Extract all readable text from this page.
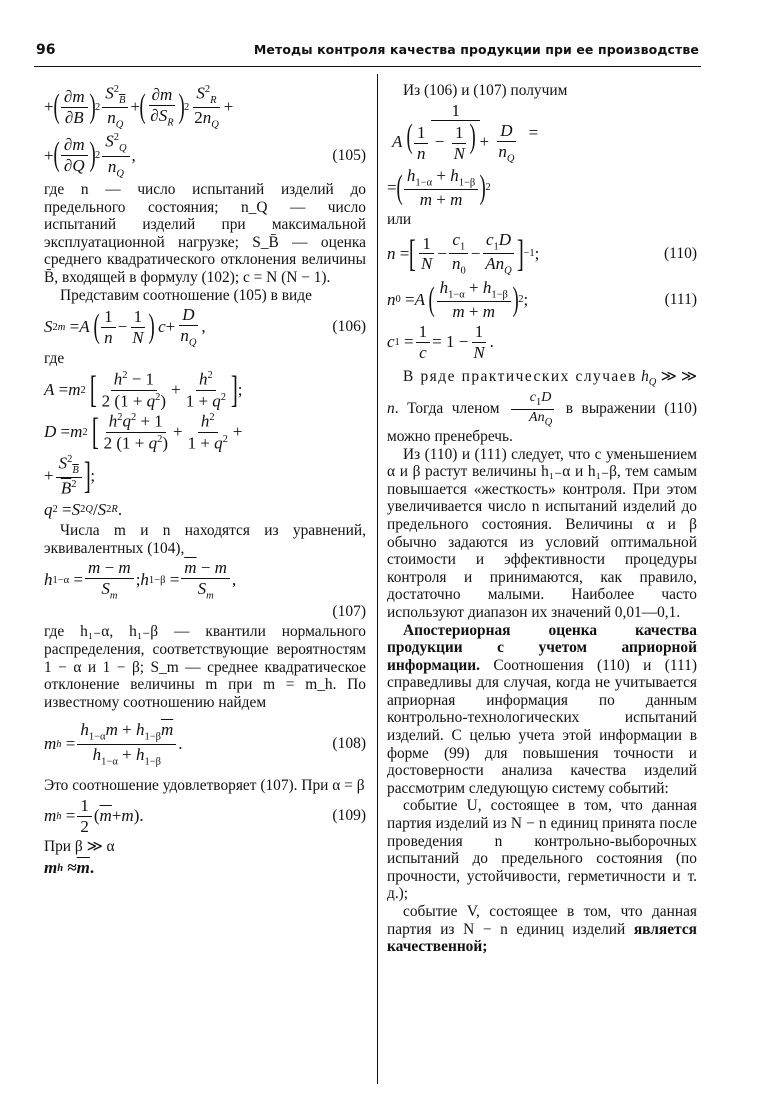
96	Методы контроля качества продукции при ее производстве
+ ( $\frac{\partial m}{\partial\overline{B}}$ ) $2 \frac{S^2_{\overline{B}}}{n_Q}$ + ( $\frac{\partial m}{\partial S_R}$ ) $2 \frac{S^2_R}{2n_Q}$ +
+ ( $\frac{\partial m}{\partial Q}$ ) $2 \frac{S^2_Q}{n_Q}$ ,	(105)

где n — число испытаний изделий до предельного состояния; n_Q — число испытаний изделий при максимальной эксплуатационной нагрузке; S_B̄ — оценка среднего квадратического отклонения величины B̄, входящей в формулу (102); c = N (N − 1).

Представим соотношение (105) в виде

S 2 m = A
( $\frac{1}{n} - \frac{1}{N}$ )
$c + \frac{D}{n_Q}$ ,	(106)
где
A = m 2
[ $\frac{h^2 - 1}{2 (1 + q^2)} + \frac{h^2}{1 + q^2}$ ] ;
D = m 2
[ $\frac{h^2q^2 + 1}{2 (1 + q^2)} + \frac{h^2}{1 + q^2}$ +
+ $\frac{S^2_{\overline{B}}}{\overline{B}^2}$ ] ;
q 2 = S 2 Q / S 2 R .

Числа m и n находятся из уравнений, эквивалентных (104),

h $1-\alpha = \frac{m - m}{S_m}$ ; h $1-\beta = \frac{\overline{m} - m}{S_m}$ ,
(107)

где h₁₋α, h₁₋β — квантили нормального распределения, соответствующие вероятностям 1 − α и 1 − β; S_m — среднее квадратическое отклонение величины m при m = m_h. По известному соотношению найдем

m $h = \frac{h_{1-\alpha}m + h_{1-\beta}\overline{m}}{h_{1-\alpha} + h_{1-\beta}}$ .	(108)

Это соотношение удовлетворяет (107). При α = β

m $h = \frac{1}{2}$ ( $\overline{m} + m$ ).	(109)
При β ≫ α
m $h \approx \overline{m}$ .

Из (106) и (107) получим

$\frac{1}{A ( \frac{1}{n} - \frac{1}{N} ) + \frac{D}{n_Q}}$ =
= ( $\frac{h_{1-\alpha} + h_{1-\beta}}{m + \overline{m}}$ ) 2
или
n = [ $\frac{1}{N} - \frac{c_1}{n_0} - \frac{c_1D}{An_Q}$ ] −1 ;	(110)
n 0 = A
( $\frac{h_{1-\alpha} + h_{1-\beta}}{m + \overline{m}}$ ) 2 ;	(111)
c $1 = \frac{1}{c} = 1 - \frac{1}{N}$ .

В ряде практических случаев $h_Q$ ≫ ≫ n. Тогда членом $\frac{c_1D}{An_Q}$ в выражении (110) можно пренебречь.

Из (110) и (111) следует, что с уменьшением α и β растут величины h₁₋α и h₁₋β, тем самым повышается «жесткость» контроля. При этом увеличивается число n испытаний изделий до предельного состояния. Величины α и β обычно задаются из условий оптимальной стоимости и эффективности процедуры контроля и принимаются, как правило, достаточно малыми. Наиболее часто используют диапазон их значений 0,01—0,1.

Апостериорная оценка качества продукции с учетом априорной информации. Соотношения (110) и (111) справедливы для случая, когда не учитывается априорная информация по данным контрольно-технологических испытаний изделий. С целью учета этой информации в форме (99) для повышения точности и достоверности анализа качества изделий рассмотрим следующую систему событий:

событие U, состоящее в том, что данная партия изделий из N − n единиц принята после проведения n контрольно-выборочных испытаний до предельного состояния (по прочности, устойчивости, герметичности и т. д.);

событие V, состоящее в том, что данная партия из N − n единиц изделий является качественной;
